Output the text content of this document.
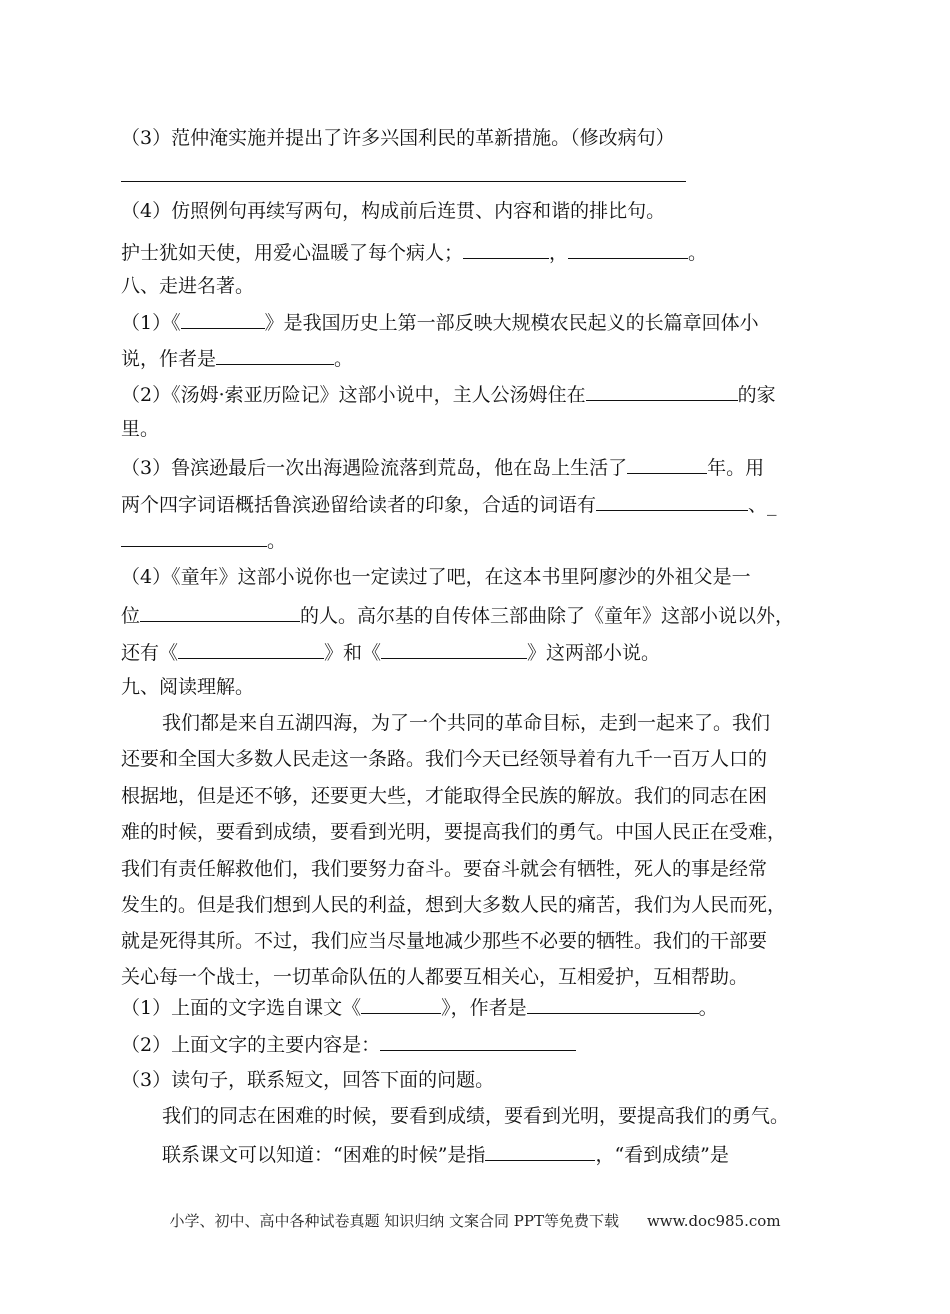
（3）范仲淹实施并提出了许多兴国利民的革新措施。（修改病句）
（4）仿照例句再续写两句，构成前后连贯、内容和谐的排比句。
护士犹如天使，用爱心温暖了每个病人；	，	。
八、走进名著。
（1）《	》是我国历史上第一部反映大规模农民起义的长篇章回体小
说，作者是	。
（2）《汤姆·索亚历险记》这部小说中，主人公汤姆住在	的家
里。
（3）鲁滨逊最后一次出海遇险流落到荒岛，他在岛上生活了	年。用
两个四字词语概括鲁滨逊留给读者的印象，合适的词语有	、_
。
（4）《童年》这部小说你也一定读过了吧，在这本书里阿廖沙的外祖父是一
位	的人。高尔基的自传体三部曲除了《童年》这部小说以外，
还有《	》和《	》这两部小说。
九、阅读理解。
我们都是来自五湖四海，为了一个共同的革命目标，走到一起来了。我们
还要和全国大多数人民走这一条路。我们今天已经领导着有九千一百万人口的
根据地，但是还不够，还要更大些，才能取得全民族的解放。我们的同志在困
难的时候，要看到成绩，要看到光明，要提高我们的勇气。中国人民正在受难，
我们有责任解救他们，我们要努力奋斗。要奋斗就会有牺牲，死人的事是经常
发生的。但是我们想到人民的利益，想到大多数人民的痛苦，我们为人民而死，
就是死得其所。不过，我们应当尽量地减少那些不必要的牺牲。我们的干部要
关心每一个战士，一切革命队伍的人都要互相关心，互相爱护，互相帮助。
（1）上面的文字选自课文《	》，作者是	。
（2）上面文字的主要内容是：
（3）读句子，联系短文，回答下面的问题。
我们的同志在困难的时候，要看到成绩，要看到光明，要提高我们的勇气。
联系课文可以知道：“困难的时候”是指	，“看到成绩”是
小学、初中、高中各种试卷真题 知识归纳 文案合同 PPT等免费下载 www.doc985.com
